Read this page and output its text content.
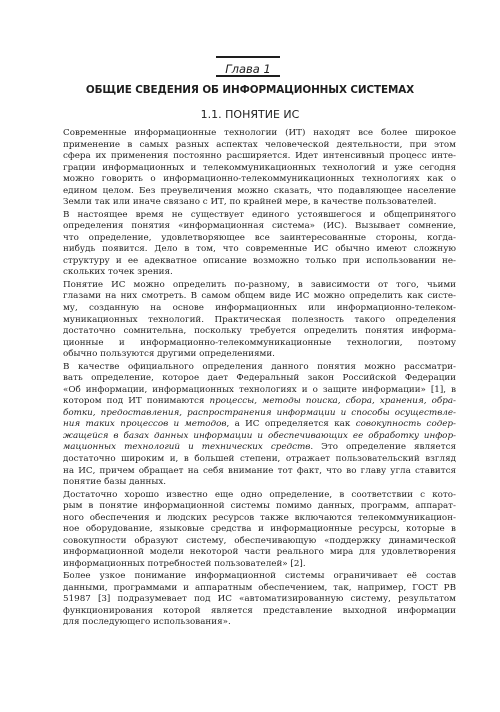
Глава 1
ОБЩИЕ СВЕДЕНИЯ ОБ ИНФОРМАЦИОННЫХ СИСТЕМАХ
1.1. ПОНЯТИЕ ИС

Современные информационные технологии (ИТ) находят все более широкое
применение в самых разных аспектах человеческой деятельности, при этом
сфера их применения постоянно расширяется. Идет интенсивный процесс инте-
грации информационных и телекоммуникационных технологий и уже сегодня
можно говорить о информационно-телекоммуникационных технологиях как о
едином целом. Без преувеличения можно сказать, что подавляющее население
Земли так или иначе связано с ИТ, по крайней мере, в качестве пользователей.

В настоящее время не существует единого устоявшегося и общепринятого
определения понятия «информационная система» (ИС). Вызывает сомнение,
что определение, удовлетворяющее все заинтересованные стороны, когда-
нибудь появится. Дело в том, что современные ИС обычно имеют сложную
структуру и ее адекватное описание возможно только при использовании не-
скольких точек зрения.

Понятие ИС можно определить по-разному, в зависимости от того, чьими
глазами на них смотреть. В самом общем виде ИС можно определить как систе-
му, созданную на основе информационных или информационно-телеком-
муникационных технологий. Практическая полезность такого определения
достаточно сомнительна, поскольку требуется определить понятия информа-
ционные и информационно-телекоммуникационные технологии, поэтому
обычно пользуются другими определениями.

В качестве официального определения данного понятия можно рассматри-
вать определение, которое дает Федеральный закон Российской Федерации
«Об информации, информационных технологиях и о защите информации» [1], в
котором под ИТ понимаются процессы, методы поиска, сбора, хранения, обра-
ботки, предоставления, распространения информации и способы осуществле-
ния таких процессов и методов, а ИС определяется как совокупность содер-
жащейся в базах данных информации и обеспечивающих ее обработку инфор-
мационных технологий и технических средств. Это определение является
достаточно широким и, в большей степени, отражает пользовательский взгляд
на ИС, причем обращает на себя внимание тот факт, что во главу угла ставится
понятие базы данных.

Достаточно хорошо известно еще одно определение, в соответствии с кото-
рым в понятие информационной системы помимо данных, программ, аппарат-
ного обеспечения и людских ресурсов также включаются телекоммуникацион-
ное оборудование, языковые средства и информационные ресурсы, которые в
совокупности образуют систему, обеспечивающую «поддержку динамической
информационной модели некоторой части реального мира для удовлетворения
информационных потребностей пользователей» [2].

Более узкое понимание информационной системы ограничивает её состав
данными, программами и аппаратным обеспечением, так, например, ГОСТ РВ
51987 [3] подразумевает под ИС «автоматизированную систему, результатом
функционирования которой является представление выходной информации
для последующего использования».
